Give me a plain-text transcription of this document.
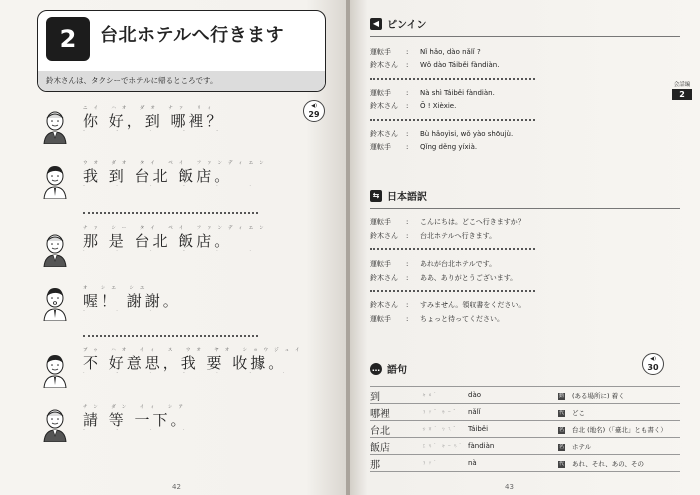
2	台北ホテルへ行きます
鈴木さんは、タクシーでホテルに帰るところです。
◀)
29
ニイ ハオ ダオ ナァ リィ
你 好，到 哪裡？
ˇ ˇ ˋ ˇ ˇ
ウオ ダオ タイ ベイ ファンディエン
我 到 台北 飯店。
ˇ ˋ ˊ ˇ ˋ ˋ
ナァ シー タイ ベイ ファンディエン
那 是 台北 飯店。
ˋ ˋ ˊ ˇ ˋ ˋ
オ シエ シエ
喔！ 謝謝。
ˉ ˋ ˋ
ブゥ ハオ イィ ス ウオ ヤオ ショウジュイ
不 好意思，我 要 收據。
ˋ ˇ ˋ ˇ ˋ ˉ ˋ
チン ダン イィ シア
請 等 一下。
ˇ ˇ ˊ ˋ
42
◀ ピンイン
運転手 : Nǐ hǎo, dào nǎlǐ ?
鈴木さん : Wǒ dào Táiběi fàndiàn.
運転手 : Nà shì Táiběi fàndiàn.
鈴木さん : Ō ! Xièxie.
鈴木さん : Bù hǎoyìsi, wǒ yào shōujù.
運転手 : Qǐng děng yíxià.
会話編
2
⇆ 日本語訳
運転手 : こんにちは。どこへ行きますか？
鈴木さん : 台北ホテルへ行きます。
運転手 : あれが台北ホテルです。
鈴木さん : ああ、ありがとうございます。
鈴木さん : すみません。領収書をください。
運転手 : ちょっと待ってください。
… 語句
◀)
30
到	ㄉㄠˋ	dào	動	(ある場所に) 着く
哪裡	ㄋㄚˇ ㄌㄧˇ	nǎlǐ	代	どこ
台北	ㄊㄞˊ ㄅㄟˇ	Táiběi	名	台北 (地名)（「臺北」とも書く）
飯店	ㄈㄢˋ ㄉㄧㄢˋ	fàndiàn	名	ホテル
那	ㄋㄚˋ	nà	代	あれ、それ、あの、その
43
